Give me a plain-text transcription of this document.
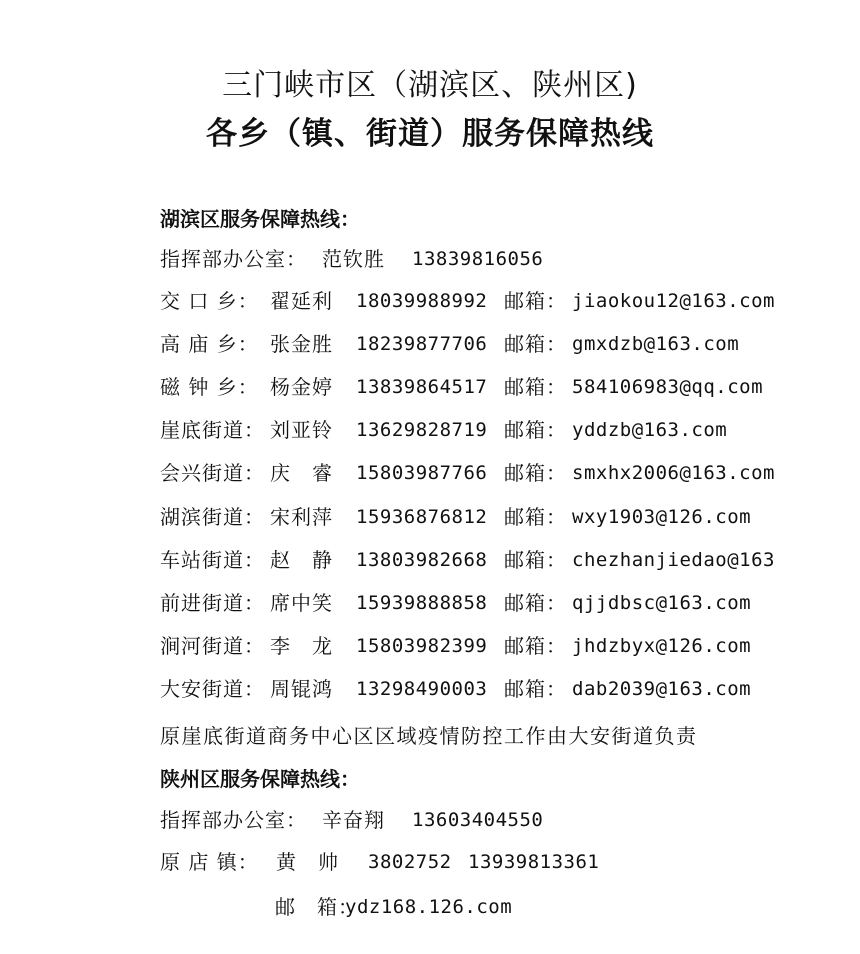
三门峡市区（湖滨区、陕州区)
各乡（镇、街道）服务保障热线
湖滨区服务保障热线：
指挥部办公室： 范钦胜 13839816056
交 口 乡： 翟延利 18039988992 邮箱： jiaokou12@163.com
高 庙 乡： 张金胜 18239877706 邮箱： gmxdzb@163.com
磁 钟 乡： 杨金婷 13839864517 邮箱： 584106983@qq.com
崖底街道： 刘亚铃 13629828719 邮箱： yddzb@163.com
会兴街道： 庆　睿 15803987766 邮箱： smxhx2006@163.com
湖滨街道： 宋利萍 15936876812 邮箱： wxy1903@126.com
车站街道： 赵　静 13803982668 邮箱： chezhanjiedao@163
前进街道： 席中笑 15939888858 邮箱： qjjdbsc@163.com
涧河街道： 李　龙 15803982399 邮箱： jhdzbyx@126.com
大安街道： 周锟鸿 13298490003 邮箱： dab2039@163.com
原崖底街道商务中心区区域疫情防控工作由大安街道负责
陕州区服务保障热线：
指挥部办公室： 辛奋翔 13603404550
原 店 镇： 黄　帅 3802752 13939813361
邮　箱：
ydz168.126.com
